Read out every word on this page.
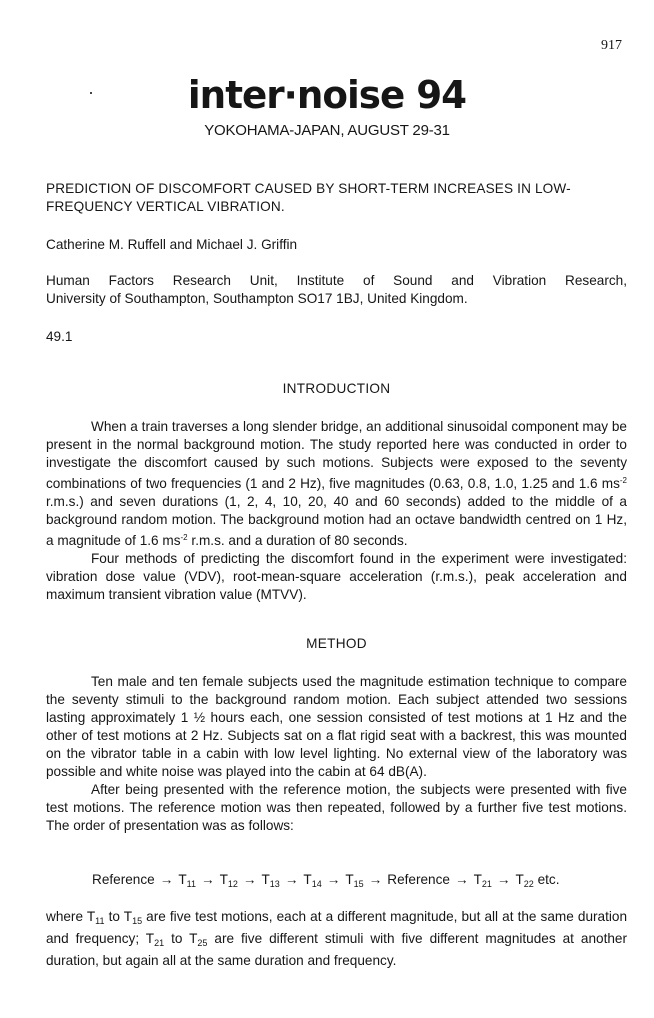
917
inter·noise 94
YOKOHAMA-JAPAN, AUGUST 29-31
PREDICTION OF DISCOMFORT CAUSED BY SHORT-TERM INCREASES IN LOW-
FREQUENCY VERTICAL VIBRATION.
Catherine M. Ruffell and Michael J. Griffin
Human Factors Research Unit, Institute of Sound and Vibration Research,
University of Southampton, Southampton SO17 1BJ, United Kingdom.
49.1
INTRODUCTION

When a train traverses a long slender bridge, an additional sinusoidal component may be present in the normal background motion. The study reported here was conducted in order to investigate the discomfort caused by such motions. Subjects were exposed to the seventy combinations of two frequencies (1 and 2 Hz), five magnitudes (0.63, 0.8, 1.0, 1.25 and 1.6 $ms^{-2}$ r.m.s.) and seven durations (1, 2, 4, 10, 20, 40 and 60 seconds) added to the middle of a background random motion. The background motion had an octave bandwidth centred on 1 Hz, a magnitude of 1.6 $ms^{-2}$ r.m.s. and a duration of 80 seconds.

Four methods of predicting the discomfort found in the experiment were investigated: vibration dose value (VDV), root-mean-square acceleration (r.m.s.), peak acceleration and maximum transient vibration value (MTVV).

METHOD

Ten male and ten female subjects used the magnitude estimation technique to compare the seventy stimuli to the background random motion. Each subject attended two sessions lasting approximately 1 ½ hours each, one session consisted of test motions at 1 Hz and the other of test motions at 2 Hz. Subjects sat on a flat rigid seat with a backrest, this was mounted on the vibrator table in a cabin with low level lighting. No external view of the laboratory was possible and white noise was played into the cabin at 64 dB(A).

After being presented with the reference motion, the subjects were presented with five test motions. The reference motion was then repeated, followed by a further five test motions. The order of presentation was as follows:

Reference → $T_{11} \to T_{12} \to T_{13} \to T_{14} \to T_{15}$ → Reference → $T_{21} \to T_{22}$ etc.

where $T_{11}$ to $T_{15}$ are five test motions, each at a different magnitude, but all at the same duration and frequency; $T_{21}$ to $T_{25}$ are five different stimuli with five different magnitudes at another duration, but again all at the same duration and frequency.
